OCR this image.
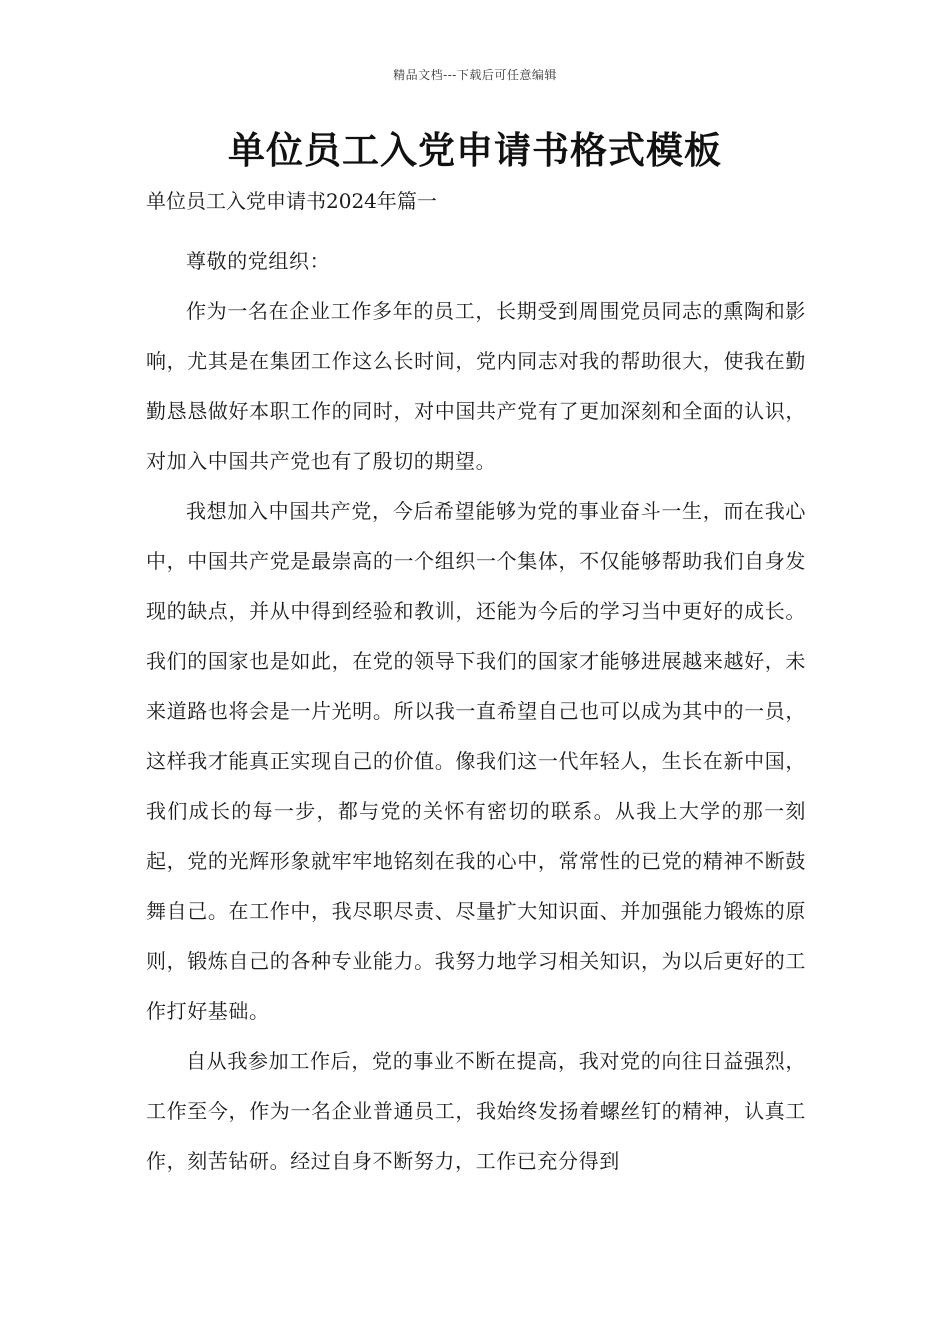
精品文档---下载后可任意编辑
单位员工入党申请书格式模板
单位员工入党申请书2024年篇一

尊敬的党组织：

作为一名在企业工作多年的员工，长期受到周围党员同志的熏陶和影响，尤其是在集团工作这么长时间，党内同志对我的帮助很大，使我在勤勤恳恳做好本职工作的同时，对中国共产党有了更加深刻和全面的认识，对加入中国共产党也有了殷切的期望。

我想加入中国共产党，今后希望能够为党的事业奋斗一生，而在我心中，中国共产党是最崇高的一个组织一个集体，不仅能够帮助我们自身发现的缺点，并从中得到经验和教训，还能为今后的学习当中更好的成长。我们的国家也是如此，在党的领导下我们的国家才能够进展越来越好，未来道路也将会是一片光明。所以我一直希望自己也可以成为其中的一员，这样我才能真正实现自己的价值。像我们这一代年轻人，生长在新中国，我们成长的每一步，都与党的关怀有密切的联系。从我上大学的那一刻起，党的光辉形象就牢牢地铭刻在我的心中，常常性的已党的精神不断鼓舞自己。在工作中，我尽职尽责、尽量扩大知识面、并加强能力锻炼的原则，锻炼自己的各种专业能力。我努力地学习相关知识，为以后更好的工作打好基础。

自从我参加工作后，党的事业不断在提高，我对党的向往日益强烈，工作至今，作为一名企业普通员工，我始终发扬着螺丝钉的精神，认真工作，刻苦钻研。经过自身不断努力，工作已充分得到
